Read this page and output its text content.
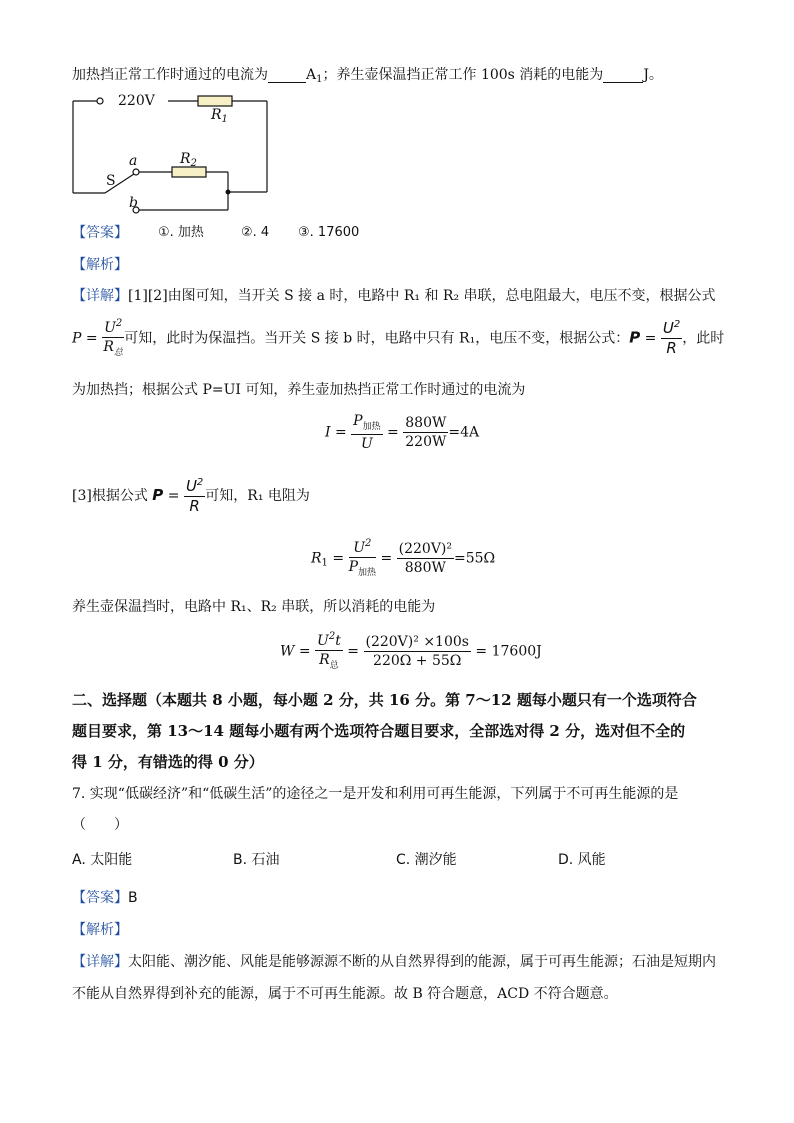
加热挡正常工作时通过的电流为	$A_1$；养生壶保温挡正常工作 100s 消耗的电能为	J。
220V
$R_1$
$R_2$
S
a
b
【答案】 ①. 加热	②. 4 ③. 17600
【解析】
【详解】[1][2]由图可知，当开关 S 接 a 时，电路中 R₁ 和 R₂ 串联，总电阻最大，电压不变，根据公式
$P = \frac{U^2}{R_总}$ 可知，此时为保温挡。当开关 S 接 b 时，电路中只有 R₁，电压不变，根据公式：$P = \frac{U^2}{R}$ ，此时
为加热挡；根据公式 P=UI 可知，养生壶加热挡正常工作时通过的电流为
$I = \frac{P_{加热}}{U} = \frac{880W}{220W} =4A$
[3]根据公式 $P = \frac{U^2}{R}$ 可知，R₁ 电阻为
$R_1 = \frac{U^2}{P_{加热}} = \frac{\text{(220V)²}}{880W} =55\Omega$
养生壶保温挡时，电路中 R₁、R₂ 串联，所以消耗的电能为
$W = \frac{U^2t}{R_总} = \frac{\text{(220V)² ×100s}}{220\Omega + 55\Omega} = 17600J$
二、选择题（本题共 8 小题，每小题 2 分，共 16 分。第 7～12 题每小题只有一个选项符合
题目要求，第 13～14 题每小题有两个选项符合题目要求，全部选对得 2 分，选对但不全的
得 1 分，有错选的得 0 分）
7. 实现“低碳经济”和“低碳生活”的途径之一是开发和利用可再生能源，下列属于不可再生能源的是
（　　）
A. 太阳能	B. 石油	C. 潮汐能	D. 风能
【答案】B
【解析】
【详解】太阳能、潮汐能、风能是能够源源不断的从自然界得到的能源，属于可再生能源；石油是短期内
不能从自然界得到补充的能源，属于不可再生能源。故 B 符合题意，ACD 不符合题意。
